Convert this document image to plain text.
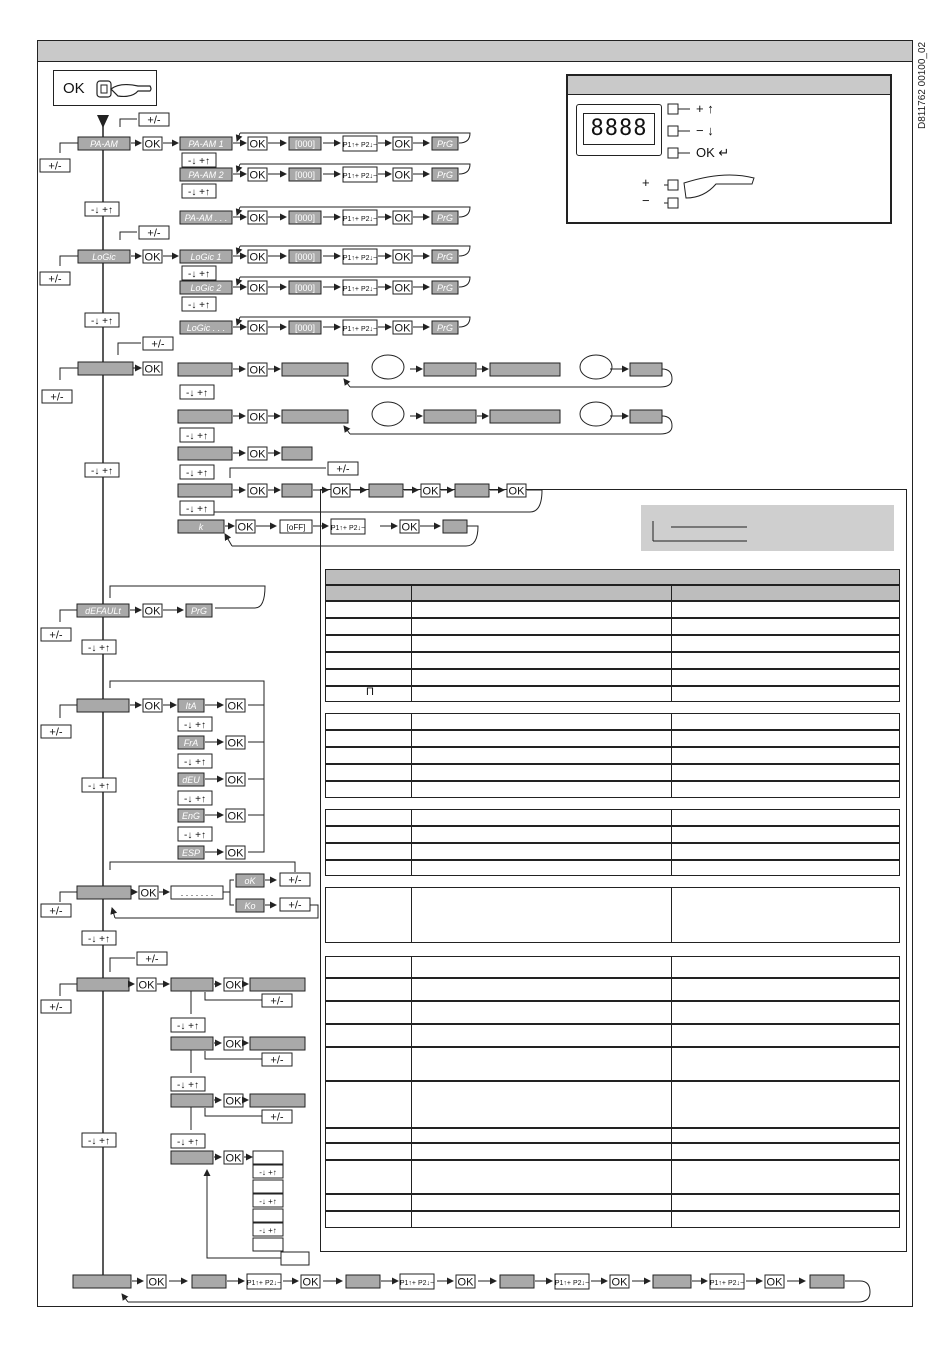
D811762 00100_02
OK
8888
+ ↑
− ↓
OK ↵
+
−
Π
+/-
PA-AM OK
+/-
PA-AM 1 OK	[000]	P1↑+ P2↓− OK	PrG
PA-AM 2 OK	[000]	P1↑+ P2↓− OK	PrG
PA-AM . . . OK	[000]	P1↑+ P2↓− OK	PrG
-↓ +↑
-↓ +↑
-↓ +↑
+/-
LoGic	OK
+/-
LoGic 1	OK	[000]	P1↑+ P2↓− OK	PrG
LoGic 2	OK	[000]	P1↑+ P2↓− OK	PrG
LoGic . . . OK	[000]	P1↑+ P2↓− OK	PrG
-↓ +↑
-↓ +↑
-↓ +↑
+/-
OK
+/-
OK
-↓ +↑
OK
-↓ +↑
OK
-↓ +↑	+/-
OK	OK	OK	OK
-↓ +↑
k	OK	[oFF]	P1↑+ P2↓−	OK
-↓ +↑
dEFAULt OK	PrG
+/-
-↓ +↑
OK
+/-
ItA	OK
-↓ +↑
FrA	OK
-↓ +↑
dEU	OK
-↓ +↑
EnG	OK
-↓ +↑
ESP	OK
-↓ +↑
OK	. . . . . . .
oK	+/-
Ko	+/-
+/-
-↓ +↑
+/-
OK	OK
+/-
-↓ +↑
OK
+/-
-↓ +↑
OK
+/-
-↓ +↑
OK
-↓ +↑
-↓ +↑
-↓ +↑
+/-
-↓ +↑
OK	P1↑+ P2↓− OK	P1↑+ P2↓− OK	P1↑+ P2↓− OK	P1↑+ P2↓− OK
